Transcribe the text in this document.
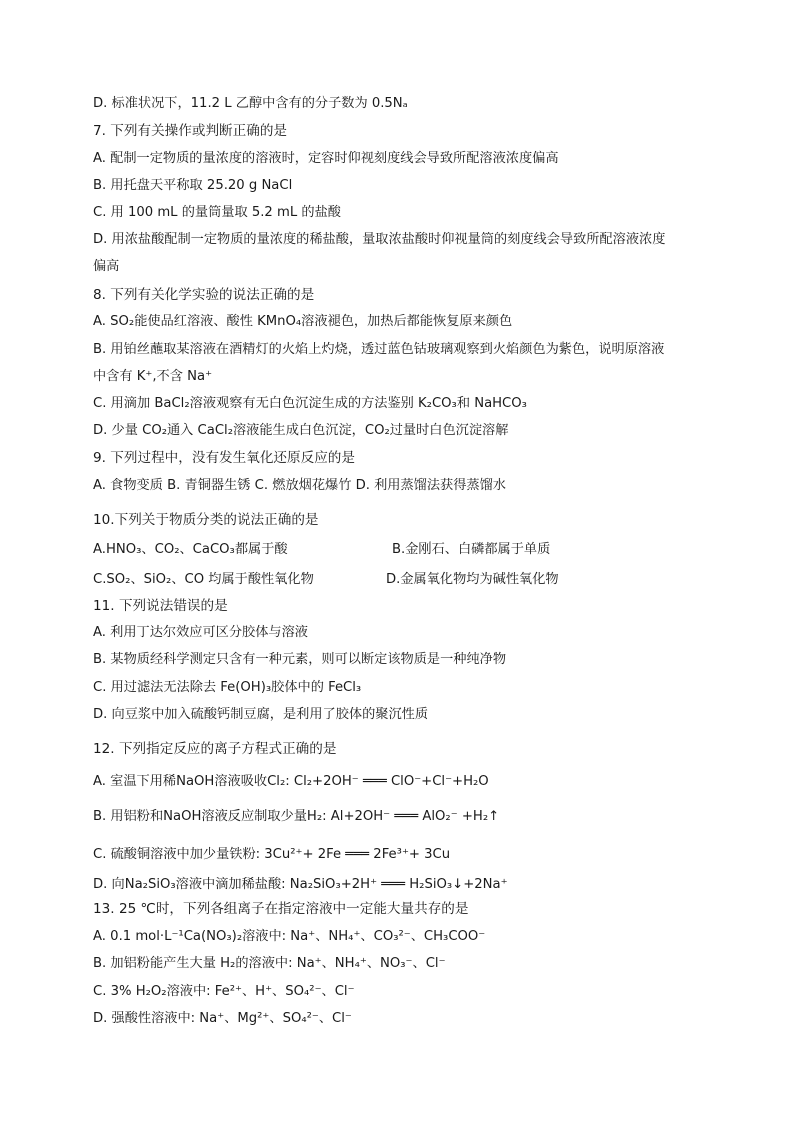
D. 标准状况下，11.2 L 乙醇中含有的分子数为 0.5Nₐ
7. 下列有关操作或判断正确的是
A. 配制一定物质的量浓度的溶液时，定容时仰视刻度线会导致所配溶液浓度偏高
B. 用托盘天平称取 25.20 g NaCl
C. 用 100 mL 的量筒量取 5.2 mL 的盐酸
D. 用浓盐酸配制一定物质的量浓度的稀盐酸，量取浓盐酸时仰视量筒的刻度线会导致所配溶液浓度
偏高
8. 下列有关化学实验的说法正确的是
A. SO₂能使品红溶液、酸性 KMnO₄溶液褪色，加热后都能恢复原来颜色
B. 用铂丝蘸取某溶液在酒精灯的火焰上灼烧，透过蓝色钴玻璃观察到火焰颜色为紫色，说明原溶液
中含有 K⁺,不含 Na⁺
C. 用滴加 BaCl₂溶液观察有无白色沉淀生成的方法鉴别 K₂CO₃和 NaHCO₃
D. 少量 CO₂通入 CaCl₂溶液能生成白色沉淀，CO₂过量时白色沉淀溶解
9. 下列过程中，没有发生氧化还原反应的是
A. 食物变质 B. 青铜器生锈 C. 燃放烟花爆竹 D. 利用蒸馏法获得蒸馏水
10.下列关于物质分类的说法正确的是
A.HNO₃、CO₂、CaCO₃都属于酸	B.金刚石、白磷都属于单质
C.SO₂、SiO₂、CO 均属于酸性氧化物	D.金属氧化物均为碱性氧化物
11. 下列说法错误的是
A. 利用丁达尔效应可区分胶体与溶液
B. 某物质经科学测定只含有一种元素，则可以断定该物质是一种纯净物
C. 用过滤法无法除去 Fe(OH)₃胶体中的 FeCl₃
D. 向豆浆中加入硫酸钙制豆腐，是利用了胶体的聚沉性质
12. 下列指定反应的离子方程式正确的是
A. 室温下用稀NaOH溶液吸收Cl₂: Cl₂+2OH⁻ ═══ ClO⁻+Cl⁻+H₂O
B. 用铝粉和NaOH溶液反应制取少量H₂: Al+2OH⁻ ═══ AlO₂⁻ +H₂↑
C. 硫酸铜溶液中加少量铁粉: 3Cu²⁺+ 2Fe ═══ 2Fe³⁺+ 3Cu
D. 向Na₂SiO₃溶液中滴加稀盐酸: Na₂SiO₃+2H⁺ ═══ H₂SiO₃↓+2Na⁺
13. 25 ℃时，下列各组离子在指定溶液中一定能大量共存的是
A. 0.1 mol·L⁻¹Ca(NO₃)₂溶液中: Na⁺、NH₄⁺、CO₃²⁻、CH₃COO⁻
B. 加铝粉能产生大量 H₂的溶液中: Na⁺、NH₄⁺、NO₃⁻、Cl⁻
C. 3% H₂O₂溶液中: Fe²⁺、H⁺、SO₄²⁻、Cl⁻
D. 强酸性溶液中: Na⁺、Mg²⁺、SO₄²⁻、Cl⁻
